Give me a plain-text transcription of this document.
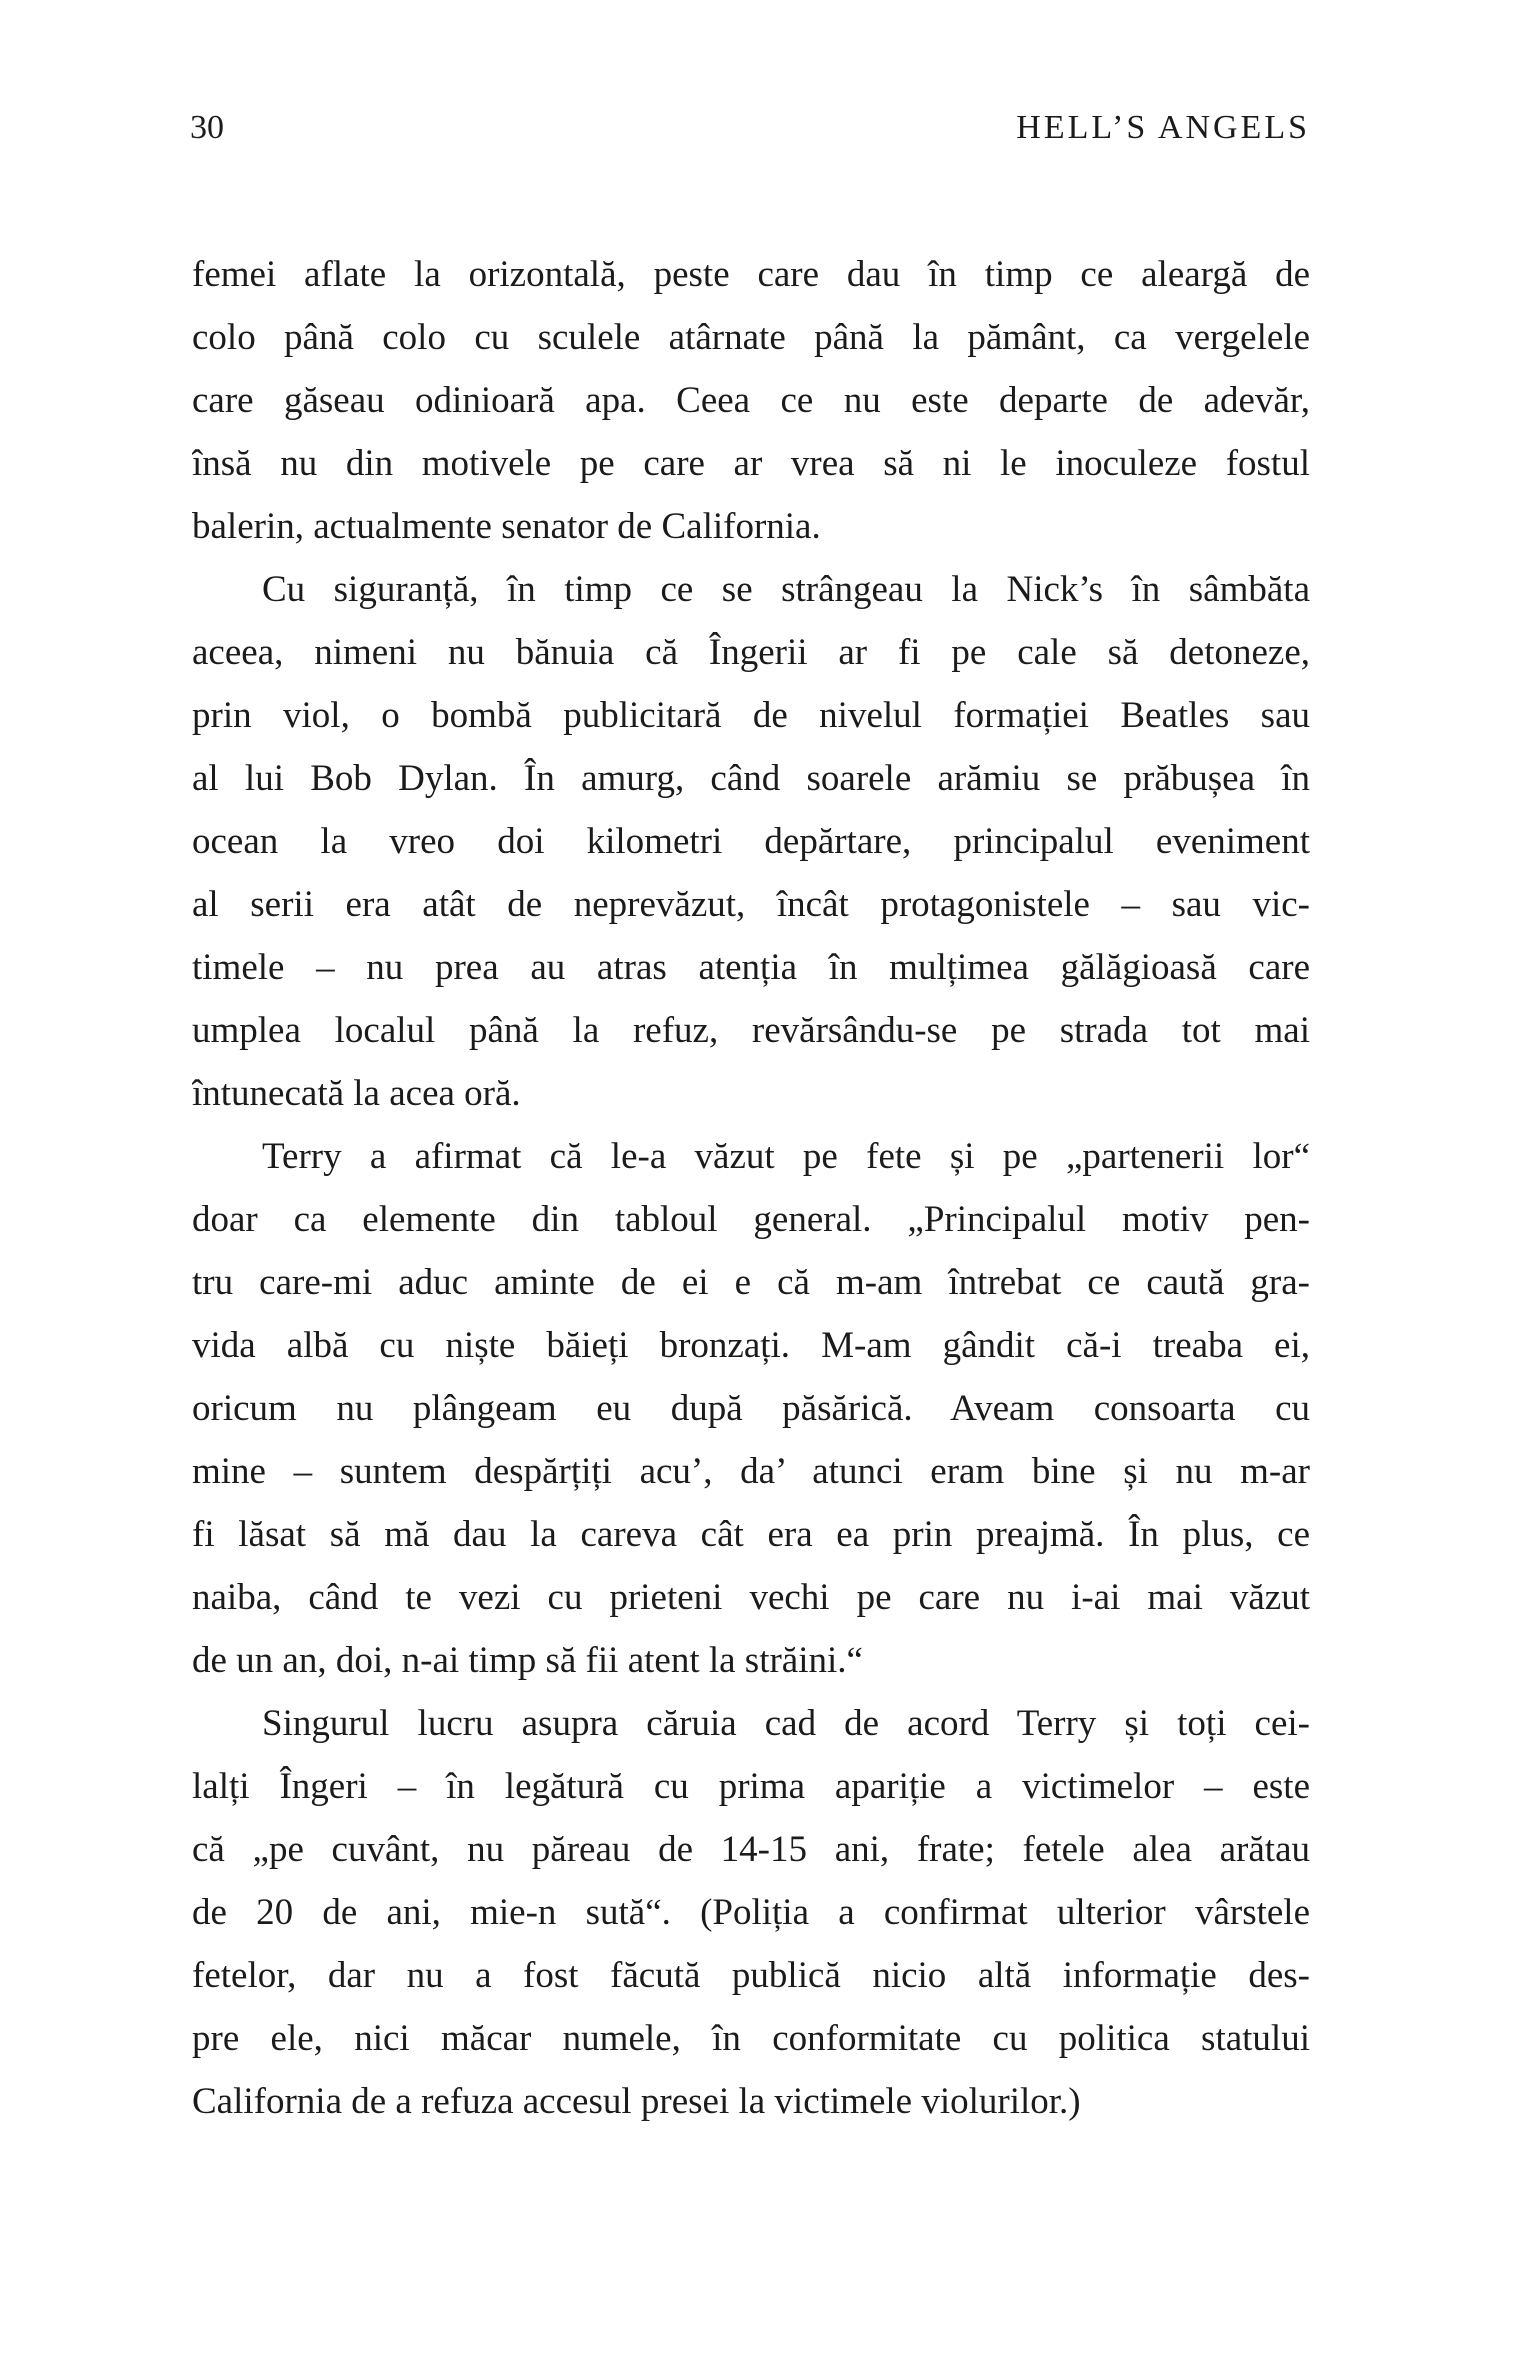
30	HELL’S ANGELS

femei aflate la orizontală, peste care dau în timp ce aleargă de
colo până colo cu sculele atârnate până la pământ, ca vergelele
care găseau odinioară apa. Ceea ce nu este departe de adevăr,
însă nu din motivele pe care ar vrea să ni le inoculeze fostul
balerin, actualmente senator de California.

Cu siguranță, în timp ce se strângeau la Nick’s în sâmbăta
aceea, nimeni nu bănuia că Îngerii ar fi pe cale să detoneze,
prin viol, o bombă publicitară de nivelul formației Beatles sau
al lui Bob Dylan. În amurg, când soarele arămiu se prăbușea în
ocean la vreo doi kilometri depărtare, principalul eveniment
al serii era atât de neprevăzut, încât protagonistele – sau vic-
timele – nu prea au atras atenția în mulțimea gălăgioasă care
umplea localul până la refuz, revărsându-se pe strada tot mai
întunecată la acea oră.

Terry a afirmat că le-a văzut pe fete și pe „partenerii lor“
doar ca elemente din tabloul general. „Principalul motiv pen-
tru care-mi aduc aminte de ei e că m-am întrebat ce caută gra-
vida albă cu niște băieți bronzați. M-am gândit că-i treaba ei,
oricum nu plângeam eu după păsărică. Aveam consoarta cu
mine – suntem despărțiți acu’, da’ atunci eram bine și nu m-ar
fi lăsat să mă dau la careva cât era ea prin preajmă. În plus, ce
naiba, când te vezi cu prieteni vechi pe care nu i-ai mai văzut
de un an, doi, n-ai timp să fii atent la străini.“

Singurul lucru asupra căruia cad de acord Terry și toți cei-
lalți Îngeri – în legătură cu prima apariție a victimelor – este
că „pe cuvânt, nu păreau de 14-15 ani, frate; fetele alea arătau
de 20 de ani, mie-n sută“. (Poliția a confirmat ulterior vârstele
fetelor, dar nu a fost făcută publică nicio altă informație des-
pre ele, nici măcar numele, în conformitate cu politica statului
California de a refuza accesul presei la victimele violurilor.)
